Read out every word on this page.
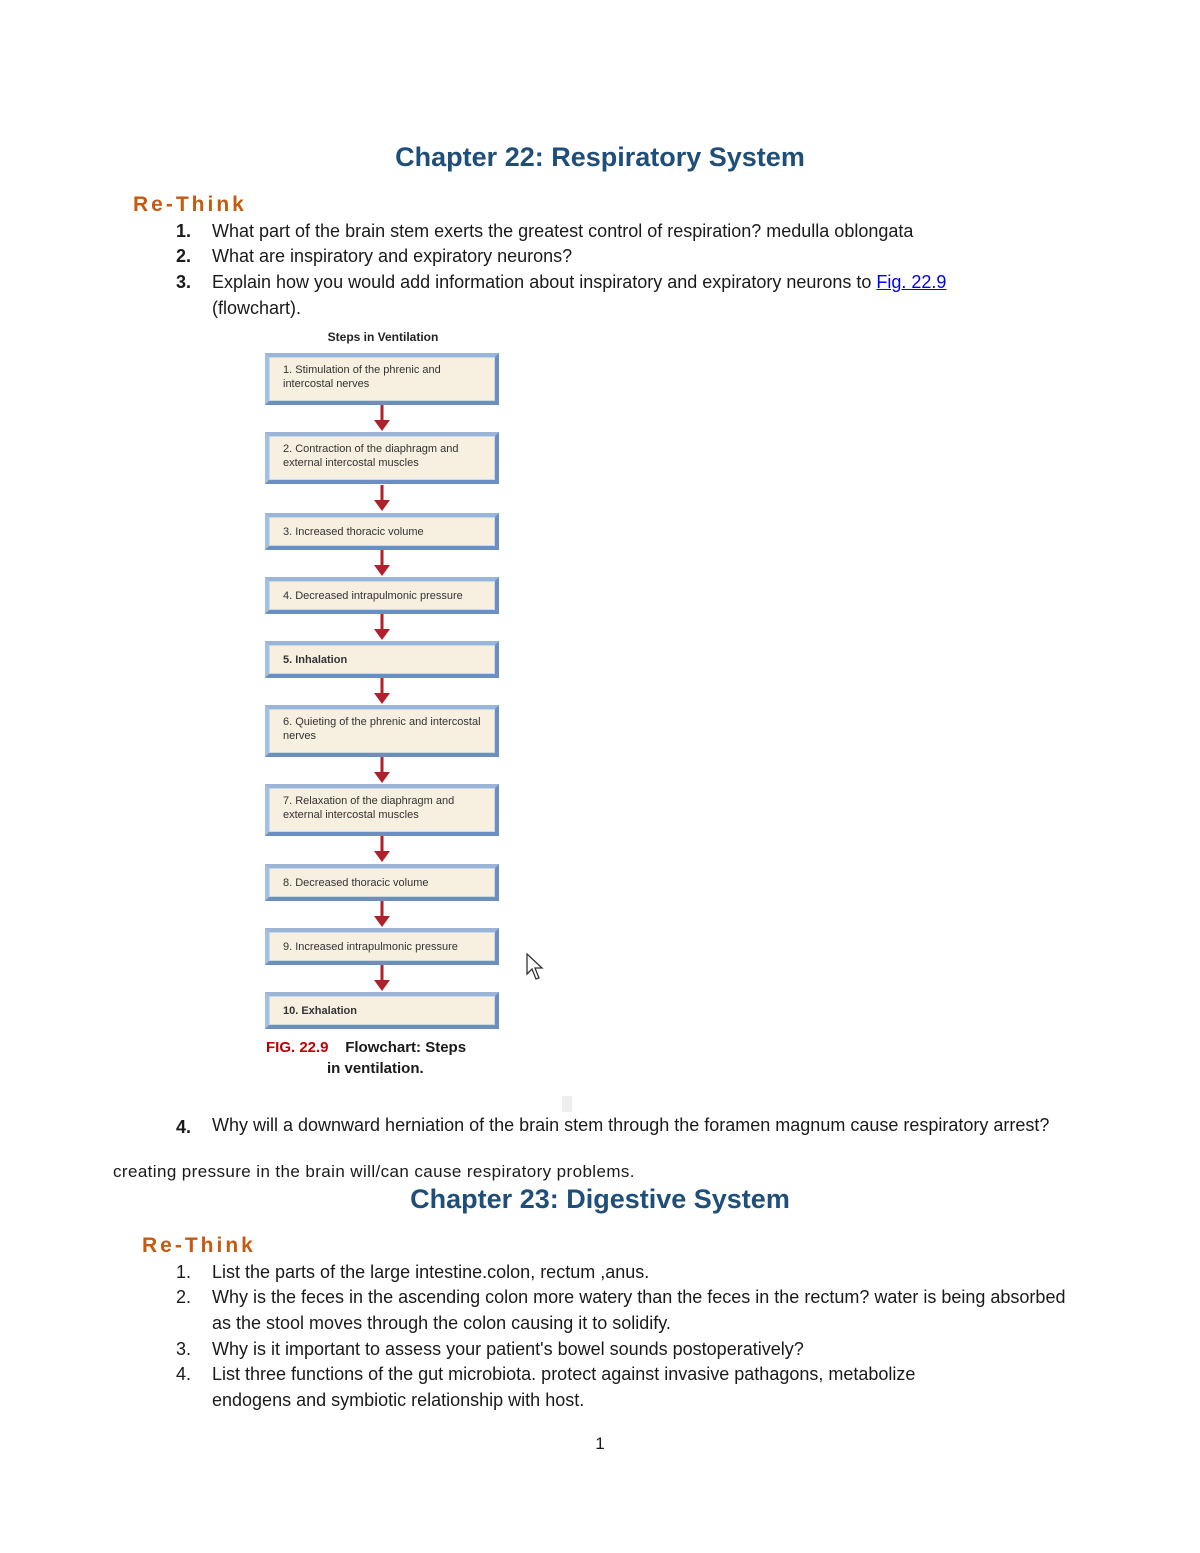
Chapter 22: Respiratory System
Re-Think
1.	What part of the brain stem exerts the greatest control of respiration? medulla oblongata
2.	What are inspiratory and expiratory neurons?
3.	Explain how you would add information about inspiratory and expiratory neurons to Fig. 22.9 (flowchart).
Steps in Ventilation
1. Stimulation of the phrenic and intercostal nerves
2. Contraction of the diaphragm and external intercostal muscles
3. Increased thoracic volume
4. Decreased intrapulmonic pressure
5. Inhalation
6. Quieting of the phrenic and intercostal nerves
7. Relaxation of the diaphragm and external intercostal muscles
8. Decreased thoracic volume
9. Increased intrapulmonic pressure
10. Exhalation
FIG. 22.9 Flowchart: Steps
in ventilation.
4.	Why will a downward herniation of the brain stem through the foramen magnum cause respiratory arrest?
creating pressure in the brain will/can cause respiratory problems.
Chapter 23: Digestive System
Re-Think
1.	List the parts of the large intestine.colon, rectum ,anus.
2.	Why is the feces in the ascending colon more watery than the feces in the rectum? water is being absorbed as the stool moves through the colon causing it to solidify.
3.	Why is it important to assess your patient's bowel sounds postoperatively?
4.	List three functions of the gut microbiota. protect against invasive pathagons, metabolize endogens and symbiotic relationship with host.
1
